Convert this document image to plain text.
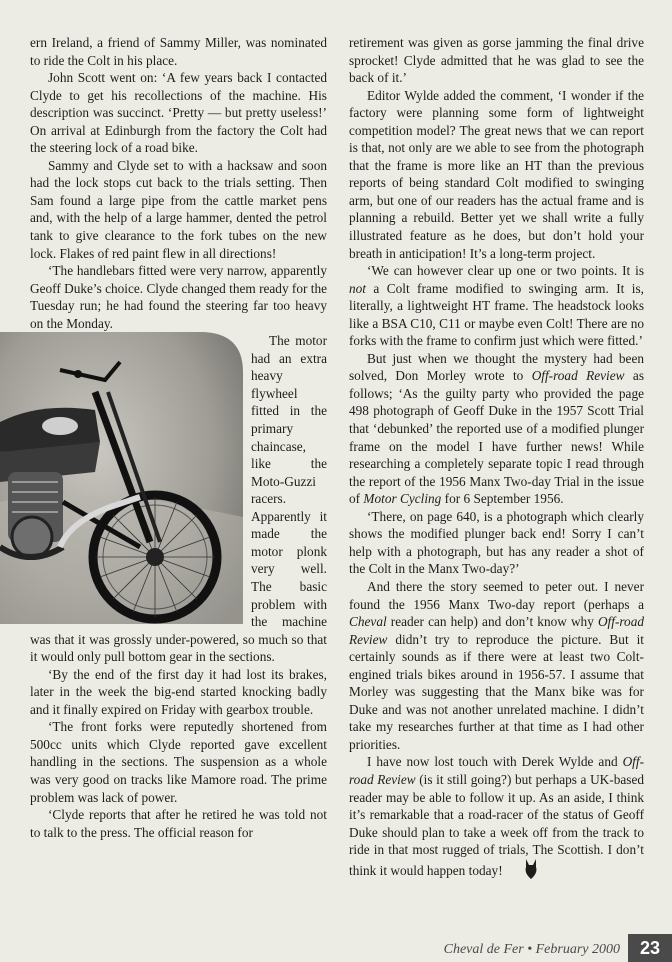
ern Ireland, a friend of Sammy Miller, was nominated to ride the Colt in his place.

John Scott went on: ‘A few years back I contacted Clyde to get his recollections of the machine. His description was succinct. ‘Pretty — but pretty useless!’ On arrival at Edinburgh from the factory the Colt had the steering lock of a road bike.

Sammy and Clyde set to with a hacksaw and soon had the lock stops cut back to the trials setting. Then Sam found a large pipe from the cattle market pens and, with the help of a large hammer, dented the petrol tank to give clearance to the fork tubes on the new lock. Flakes of red paint flew in all directions!

‘The handlebars fitted were very narrow, apparently Geoff Duke’s choice. Clyde changed them ready for the Tuesday run; he had found the steering far too heavy on the Monday.

The motor had an extra heavy flywheel fitted in the primary chaincase, like the Moto-Guzzi racers. Apparently it made the motor plonk very well. The basic problem with the machine was that it was grossly under-powered, so much so that it would only pull bottom gear in the sections.

‘By the end of the first day it had lost its brakes, later in the week the big-end started knocking badly and it finally expired on Friday with gearbox trouble.

‘The front forks were reputedly shortened from 500cc units which Clyde reported gave excellent handling in the sections. The suspension as a whole was very good on tracks like Mamore road. The prime problem was lack of power.

‘Clyde reports that after he retired he was told not to talk to the press. The official reason for

retirement was given as gorse jamming the final drive sprocket! Clyde admitted that he was glad to see the back of it.’

Editor Wylde added the comment, ‘I wonder if the factory were planning some form of lightweight competition model? The great news that we can report is that, not only are we able to see from the photograph that the frame is more like an HT than the previous reports of being standard Colt modified to swinging arm, but one of our readers has the actual frame and is planning a rebuild. Better yet we shall write a fully illustrated feature as he does, but don’t hold your breath in anticipation! It’s a long-term project.

‘We can however clear up one or two points. It is not a Colt frame modified to swinging arm. It is, literally, a lightweight HT frame. The headstock looks like a BSA C10, C11 or maybe even Colt! There are no forks with the frame to confirm just which were fitted.’

But just when we thought the mystery had been solved, Don Morley wrote to Off-road Review as follows; ‘As the guilty party who provided the page 498 photograph of Geoff Duke in the 1957 Scott Trial that ‘debunked’ the reported use of a modified plunger frame on the model I have further news! While researching a completely separate topic I read through the report of the 1956 Manx Two-day Trial in the issue of Motor Cycling for 6 September 1956.

‘There, on page 640, is a photograph which clearly shows the modified plunger back end! Sorry I can’t help with a photograph, but has any reader a shot of the Colt in the Manx Two-day?’

And there the story seemed to peter out. I never found the 1956 Manx Two-day report (perhaps a Cheval reader can help) and don’t know why Off-road Review didn’t try to reproduce the picture. But it certainly sounds as if there were at least two Colt-engined trials bikes around in 1956-57. I assume that Morley was suggesting that the Manx bike was for Duke and was not another unrelated machine. I didn’t take my researches further at that time as I had other priorities.

I have now lost touch with Derek Wylde and Off-road Review (is it still going?) but perhaps a UK-based reader may be able to follow it up. As an aside, I think it’s remarkable that a road-racer of the status of Geoff Duke should plan to take a week off from the track to ride in that most rugged of trials, The Scottish. I don’t think it would happen today!

Cheval de Fer • February 2000	23
